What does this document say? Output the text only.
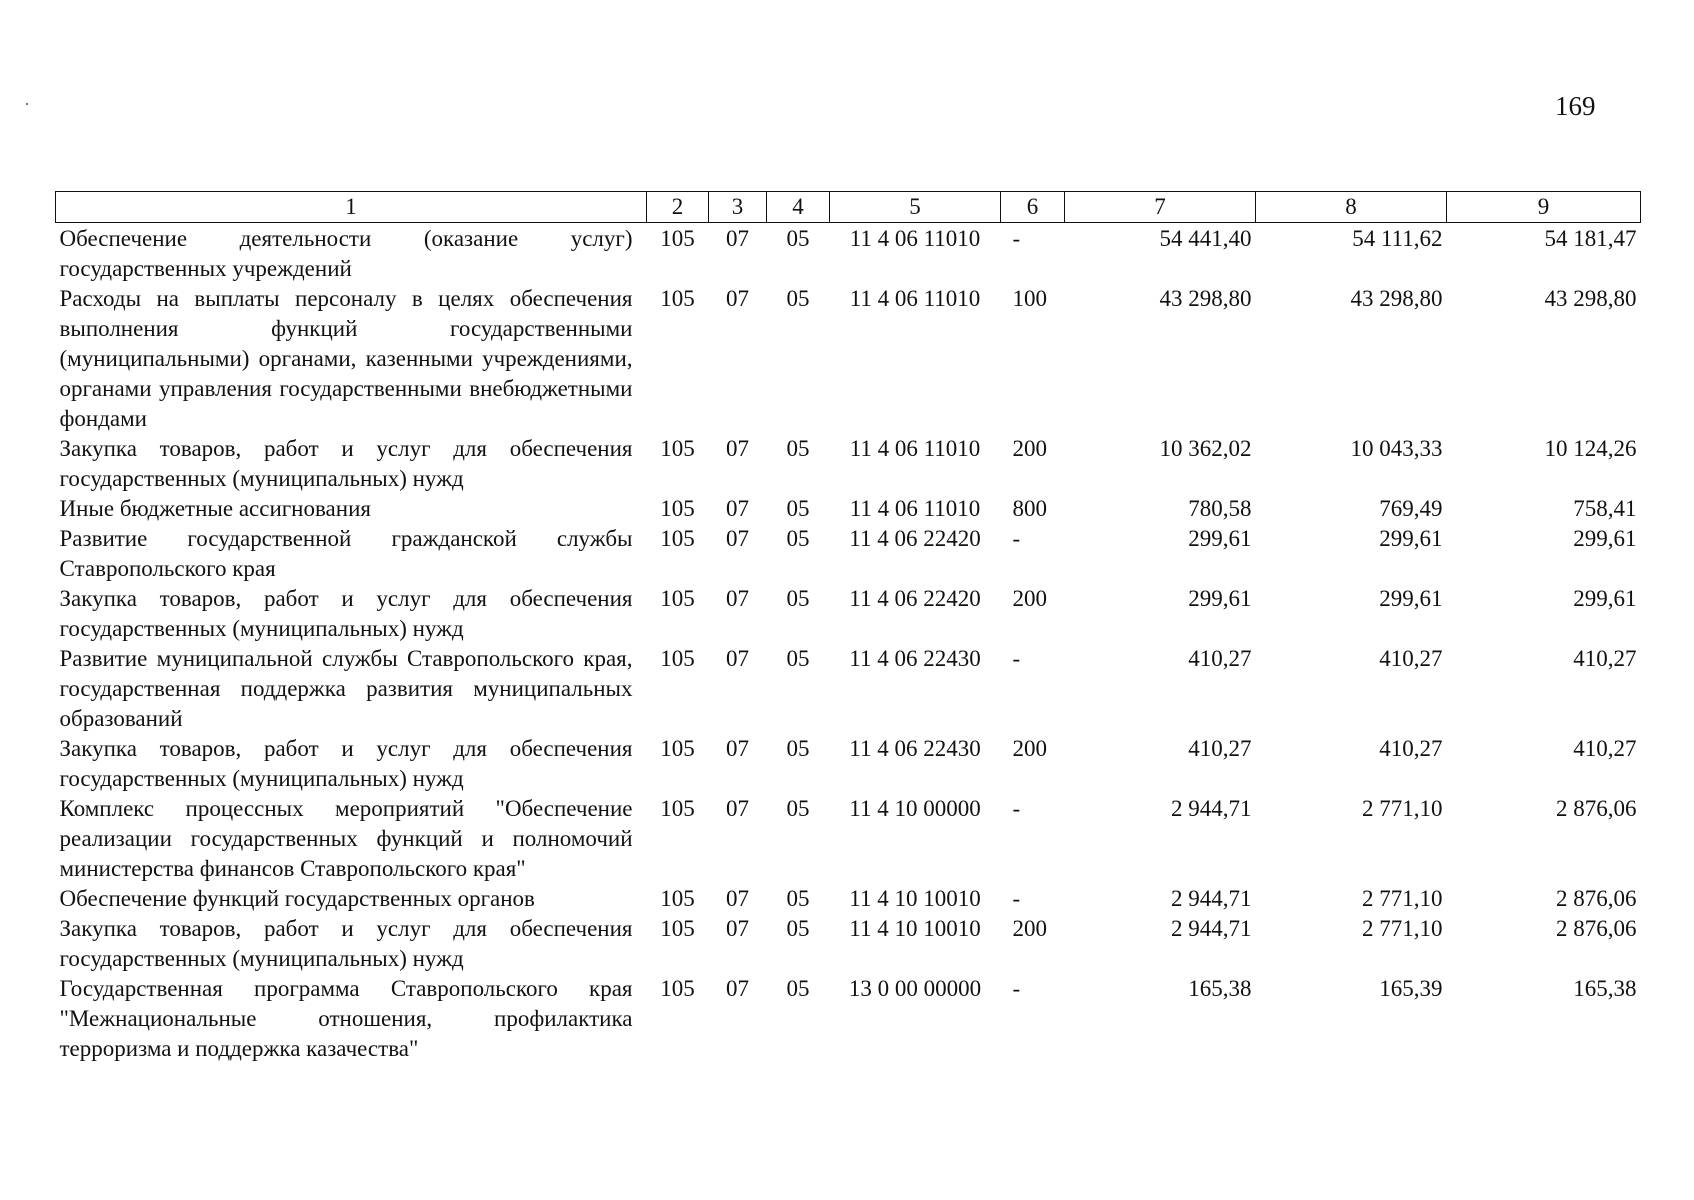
169
1	2	3	4	5	6	7	8	9
Обеспечение деятельности (оказание услуг) государственных учреждений	105	07	05	11 4 06 11010	-	54 441,40	54 111,62	54 181,47
Расходы на выплаты персоналу в целях обеспечения выполнения функций государственными (муниципальными) органами, казенными учреждениями, органами управления государственными внебюджетными фондами	105	07	05	11 4 06 11010	100	43 298,80	43 298,80	43 298,80
Закупка товаров, работ и услуг для обеспечения государственных (муниципальных) нужд	105	07	05	11 4 06 11010	200	10 362,02	10 043,33	10 124,26
Иные бюджетные ассигнования	105	07	05	11 4 06 11010	800	780,58	769,49	758,41
Развитие государственной гражданской службы Ставропольского края	105	07	05	11 4 06 22420	-	299,61	299,61	299,61
Закупка товаров, работ и услуг для обеспечения государственных (муниципальных) нужд	105	07	05	11 4 06 22420	200	299,61	299,61	299,61
Развитие муниципальной службы Ставропольского края, государственная поддержка развития муниципальных образований	105	07	05	11 4 06 22430	-	410,27	410,27	410,27
Закупка товаров, работ и услуг для обеспечения государственных (муниципальных) нужд	105	07	05	11 4 06 22430	200	410,27	410,27	410,27
Комплекс процессных мероприятий "Обеспечение реализации государственных функций и полномочий министерства финансов Ставропольского края"	105	07	05	11 4 10 00000	-	2 944,71	2 771,10	2 876,06
Обеспечение функций государственных органов	105	07	05	11 4 10 10010	-	2 944,71	2 771,10	2 876,06
Закупка товаров, работ и услуг для обеспечения государственных (муниципальных) нужд	105	07	05	11 4 10 10010	200	2 944,71	2 771,10	2 876,06
Государственная программа Ставропольского края "Межнациональные отношения, профилактика терроризма и поддержка казачества"	105	07	05	13 0 00 00000	-	165,38	165,39	165,38
